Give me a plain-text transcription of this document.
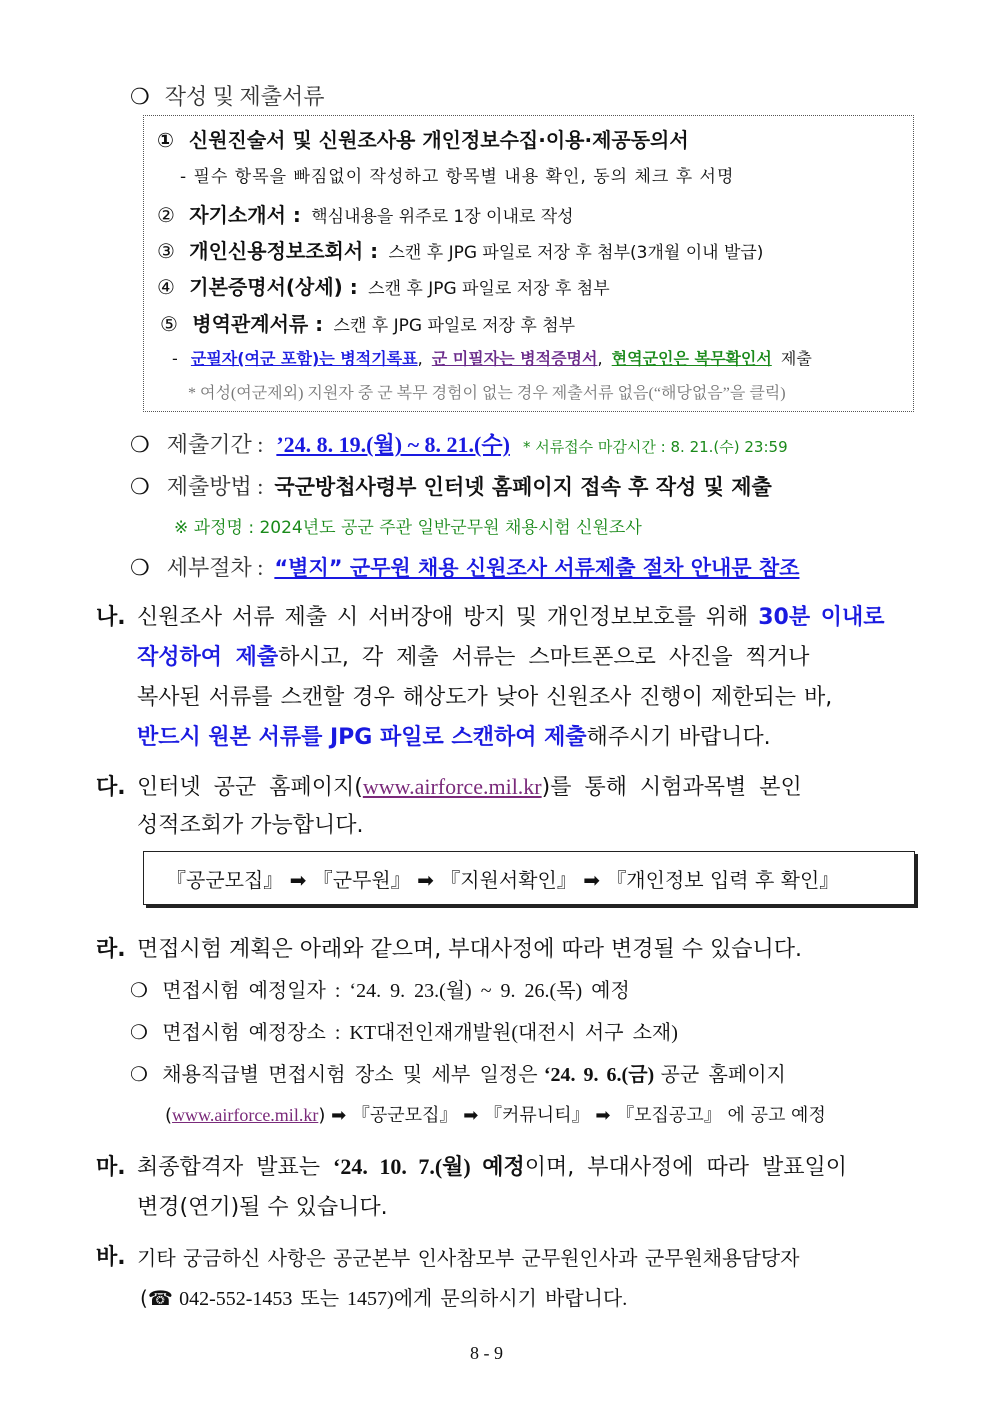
❍ 작성 및 제출서류
① 신원진술서 및 신원조사용 개인정보수집·이용·제공동의서
- 필수 항목을 빠짐없이 작성하고 항목별 내용 확인, 동의 체크 후 서명
② 자기소개서 : 핵심내용을 위주로 1장 이내로 작성
③ 개인신용정보조회서 : 스캔 후 JPG 파일로 저장 후 첨부(3개월 이내 발급)
④ 기본증명서(상세) : 스캔 후 JPG 파일로 저장 후 첨부
⑤ 병역관계서류 : 스캔 후 JPG 파일로 저장 후 첨부
- 군필자(여군 포함)는 병적기록표, 군 미필자는 병적증명서, 현역군인은 복무확인서 제출
* 여성(여군제외) 지원자 중 군 복무 경험이 없는 경우 제출서류 없음(“해당없음”을 클릭)
❍ 제출기간 : ’24. 8. 19.(월) ~ 8. 21.(수) * 서류접수 마감시간 : 8. 21.(수) 23:59
❍ 제출방법 : 국군방첩사령부 인터넷 홈페이지 접속 후 작성 및 제출
※ 과정명 : 2024년도 공군 주관 일반군무원 채용시험 신원조사
❍ 세부절차 : “별지” 군무원 채용 신원조사 서류제출 절차 안내문 참조
나. 신원조사 서류 제출 시 서버장애 방지 및 개인정보보호를 위해 30분 이내로
작성하여 제출하시고, 각 제출 서류는 스마트폰으로 사진을 찍거나
복사된 서류를 스캔할 경우 해상도가 낮아 신원조사 진행이 제한되는 바,
반드시 원본 서류를 JPG 파일로 스캔하여 제출해주시기 바랍니다.
다. 인터넷 공군 홈페이지(www.airforce.mil.kr)를 통해 시험과목별 본인
성적조회가 가능합니다.
『공군모집』 ➡ 『군무원』 ➡ 『지원서확인』 ➡ 『개인정보 입력 후 확인』
라. 면접시험 계획은 아래와 같으며, 부대사정에 따라 변경될 수 있습니다.
❍ 면접시험 예정일자 : ‘24. 9. 23.(월) ~ 9. 26.(목) 예정
❍ 면접시험 예정장소 : KT대전인재개발원(대전시 서구 소재)
❍ 채용직급별 면접시험 장소 및 세부 일정은 ‘24. 9. 6.(금) 공군 홈페이지
(www.airforce.mil.kr) ➡ 『공군모집』 ➡ 『커뮤니티』 ➡ 『모집공고』 에 공고 예정
마. 최종합격자 발표는 ‘24. 10. 7.(월) 예정이며, 부대사정에 따라 발표일이
변경(연기)될 수 있습니다.
바. 기타 궁금하신 사항은 공군본부 인사참모부 군무원인사과 군무원채용담당자
(☎ 042-552-1453 또는 1457)에게 문의하시기 바랍니다.
8 - 9
